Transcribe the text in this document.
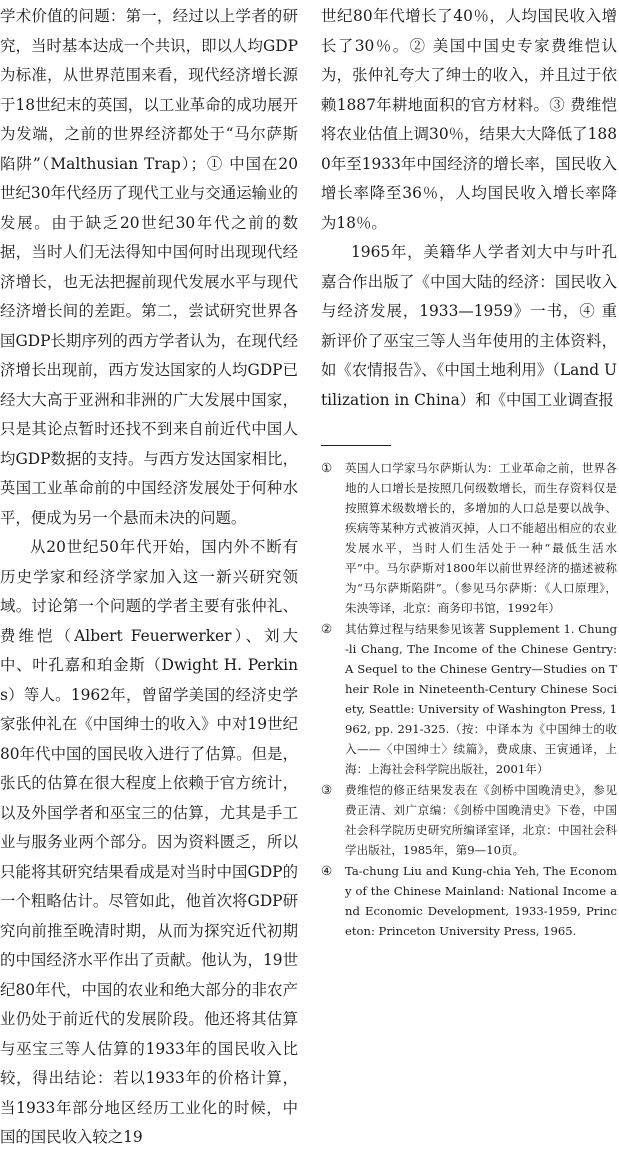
学术价值的问题：第一，经过以上学者的研究，当时基本达成一个共识，即以人均GDP为标准，从世界范围来看，现代经济增长源于18世纪末的英国，以工业革命的成功展开为发端，之前的世界经济都处于“马尔萨斯陷阱”（Malthusian Trap）；① 中国在20世纪30年代经历了现代工业与交通运输业的发展。由于缺乏20世纪30年代之前的数据，当时人们无法得知中国何时出现现代经济增长，也无法把握前现代发展水平与现代经济增长间的差距。第二，尝试研究世界各国GDP长期序列的西方学者认为，在现代经济增长出现前，西方发达国家的人均GDP已经大大高于亚洲和非洲的广大发展中国家，只是其论点暂时还找不到来自前近代中国人均GDP数据的支持。与西方发达国家相比，英国工业革命前的中国经济发展处于何种水平，便成为另一个悬而未决的问题。

从20世纪50年代开始，国内外不断有历史学家和经济学家加入这一新兴研究领域。讨论第一个问题的学者主要有张仲礼、费维恺（Albert Feuerwerker）、刘大中、叶孔嘉和珀金斯（Dwight H. Perkins）等人。1962年，曾留学美国的经济史学家张仲礼在《中国绅士的收入》中对19世纪80年代中国的国民收入进行了估算。但是，张氏的估算在很大程度上依赖于官方统计，以及外国学者和巫宝三的估算，尤其是手工业与服务业两个部分。因为资料匮乏，所以只能将其研究结果看成是对当时中国GDP的一个粗略估计。尽管如此，他首次将GDP研究向前推至晚清时期，从而为探究近代初期的中国经济水平作出了贡献。他认为，19世纪80年代，中国的农业和绝大部分的非农产业仍处于前近代的发展阶段。他还将其估算与巫宝三等人估算的1933年的国民收入比较，得出结论：若以1933年的价格计算，当1933年部分地区经历工业化的时候，中国的国民收入较之19

世纪80年代增长了40％，人均国民收入增长了30％。② 美国中国史专家费维恺认为，张仲礼夸大了绅士的收入，并且过于依赖1887年耕地面积的官方材料。③ 费维恺将农业估值上调30％，结果大大降低了1880年至1933年中国经济的增长率，国民收入增长率降至36％，人均国民收入增长率降为18％。

1965年，美籍华人学者刘大中与叶孔嘉合作出版了《中国大陆的经济：国民收入与经济发展，1933—1959》一书，④ 重新评价了巫宝三等人当年使用的主体资料，如《农情报告》、《中国土地利用》（Land Utilization in China）和《中国工业调查报

① 英国人口学家马尔萨斯认为：工业革命之前，世界各地的人口增长是按照几何级数增长，而生存资料仅是按照算术级数增长的，多增加的人口总是要以战争、疾病等某种方式被消灭掉，人口不能超出相应的农业发展水平，当时人们生活处于一种“最低生活水平”中。马尔萨斯对1800年以前世界经济的描述被称为“马尔萨斯陷阱”。（参见马尔萨斯：《人口原理》，朱泱等译，北京：商务印书馆，1992年）
② 其估算过程与结果参见该著 Supplement 1. Chung-li Chang, The Income of the Chinese Gentry: A Sequel to the Chinese Gentry—Studies on Their Role in Nineteenth-Century Chinese Society, Seattle: University of Washington Press, 1962, pp. 291-325.（按：中译本为《中国绅士的收入——〈中国绅士〉续篇》，费成康、王寅通译，上海：上海社会科学院出版社，2001年）
③ 费维恺的修正结果发表在《剑桥中国晚清史》，参见费正清、刘广京编：《剑桥中国晚清史》下卷，中国社会科学院历史研究所编译室译，北京：中国社会科学出版社，1985年，第9—10页。
④ Ta-chung Liu and Kung-chia Yeh, The Economy of the Chinese Mainland: National Income and Economic Development, 1933-1959, Princeton: Princeton University Press, 1965.
